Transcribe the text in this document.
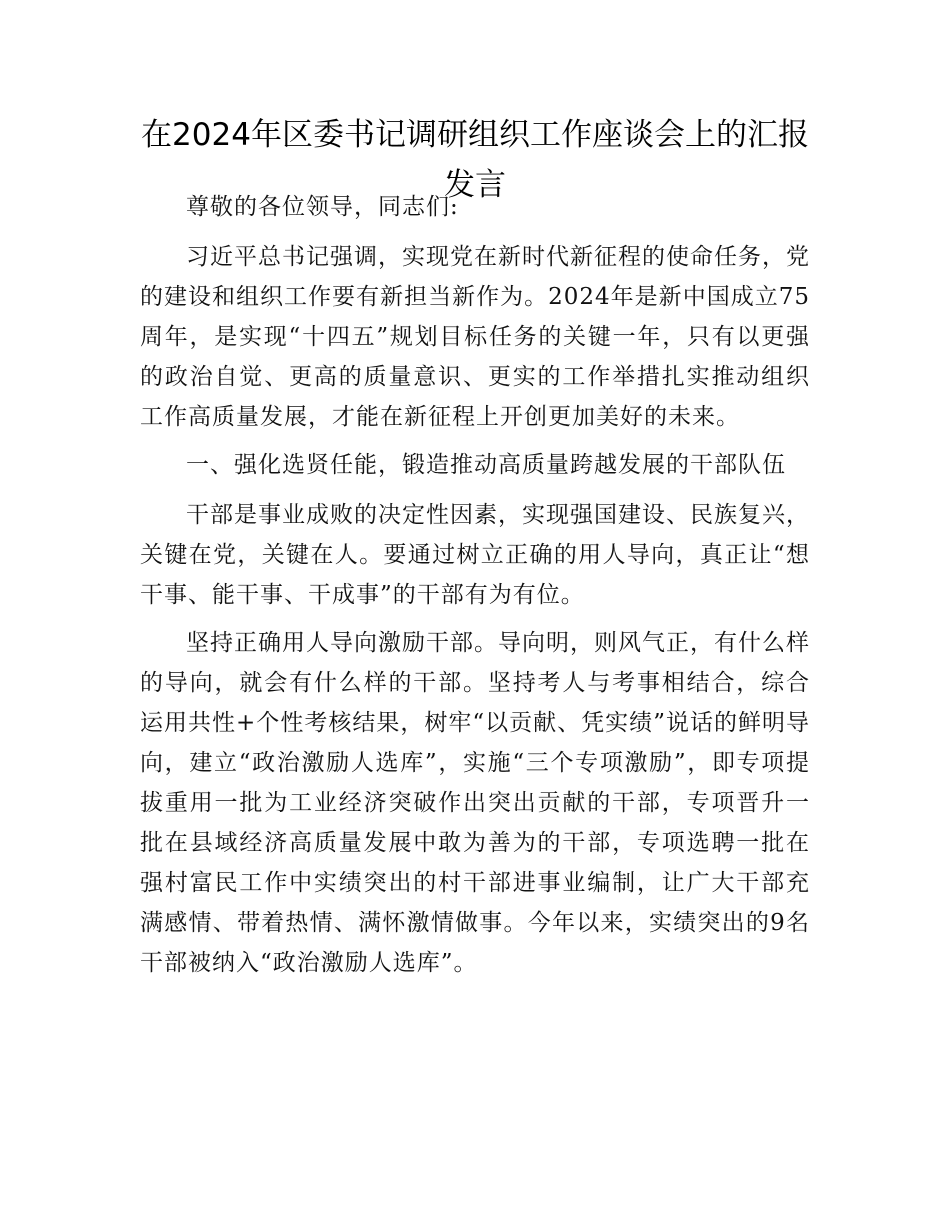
在2024年区委书记调研组织工作座谈会上的汇报发言

尊敬的各位领导，同志们:

习近平总书记强调，实现党在新时代新征程的使命任务，党的建设和组织工作要有新担当新作为。2024年是新中国成立75周年，是实现“十四五”规划目标任务的关键一年，只有以更强的政治自觉、更高的质量意识、更实的工作举措扎实推动组织工作高质量发展，才能在新征程上开创更加美好的未来。

一、强化选贤任能，锻造推动高质量跨越发展的干部队伍

干部是事业成败的决定性因素，实现强国建设、民族复兴，关键在党，关键在人。要通过树立正确的用人导向，真正让“想干事、能干事、干成事”的干部有为有位。

坚持正确用人导向激励干部。导向明，则风气正，有什么样的导向，就会有什么样的干部。坚持考人与考事相结合，综合运用共性+个性考核结果，树牢“以贡献、凭实绩”说话的鲜明导向，建立“政治激励人选库”，实施“三个专项激励”，即专项提拔重用一批为工业经济突破作出突出贡献的干部，专项晋升一批在县域经济高质量发展中敢为善为的干部，专项选聘一批在强村富民工作中实绩突出的村干部进事业编制，让广大干部充满感情、带着热情、满怀激情做事。今年以来，实绩突出的9名干部被纳入“政治激励人选库”。
